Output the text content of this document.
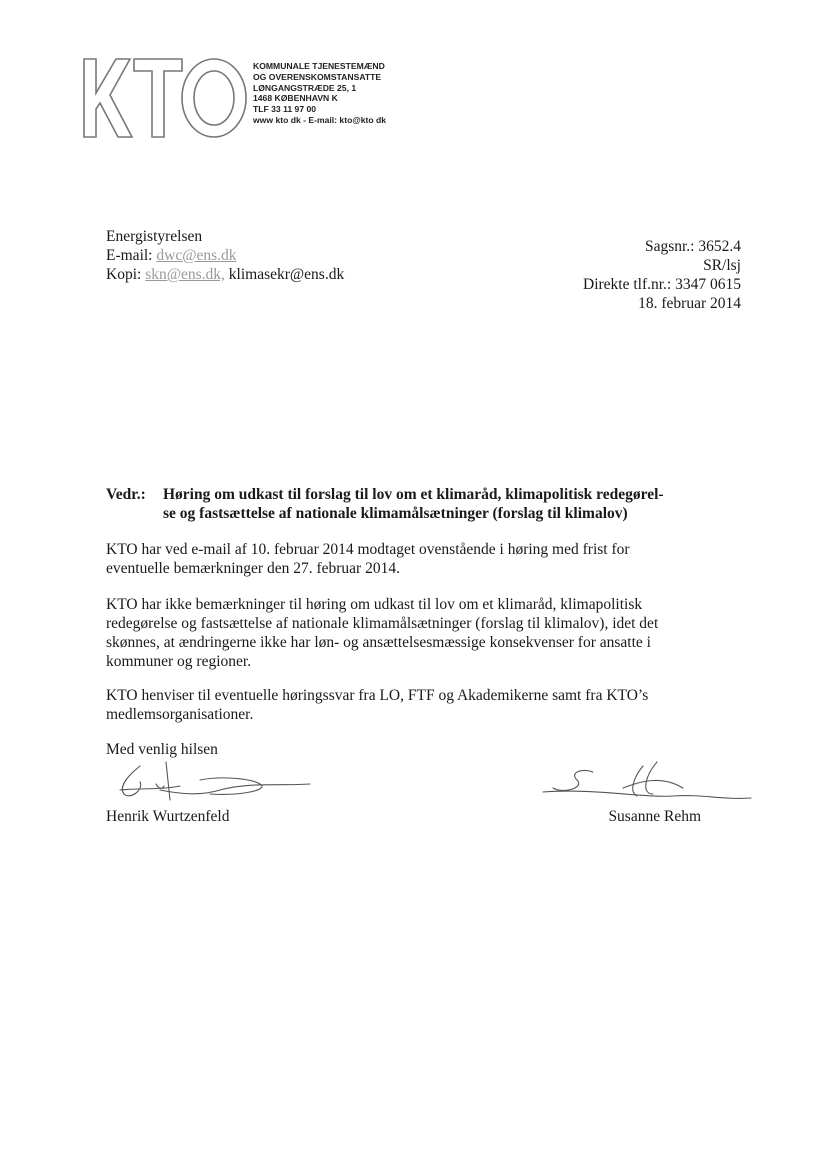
KOMMUNALE TJENESTEMÆND
OG OVERENSKOMSTANSATTE
LØNGANGSTRÆDE 25, 1
1468 KØBENHAVN K
TLF 33 11 97 00
www kto dk - E-mail: kto@kto dk
Energistyrelsen
E-mail: dwc@ens.dk
Kopi: skn@ens.dk, klimasekr@ens.dk
Sagsnr.: 3652.4
SR/lsj
Direkte tlf.nr.: 3347 0615
18. februar 2014
Vedr.: Høring om udkast til forslag til lov om et klimaråd, klimapolitisk redegørel-
se og fastsættelse af nationale klimamålsætninger (forslag til klimalov)
KTO har ved e-mail af 10. februar 2014 modtaget ovenstående i høring med frist for
eventuelle bemærkninger den 27. februar 2014.
KTO har ikke bemærkninger til høring om udkast til lov om et klimaråd, klimapolitisk
redegørelse og fastsættelse af nationale klimamålsætninger (forslag til klimalov), idet det
skønnes, at ændringerne ikke har løn- og ansættelsesmæssige konsekvenser for ansatte i
kommuner og regioner.
KTO henviser til eventuelle høringssvar fra LO, FTF og Akademikerne samt fra KTO’s
medlemsorganisationer.
Med venlig hilsen
Henrik Wurtzenfeld	Susanne Rehm
